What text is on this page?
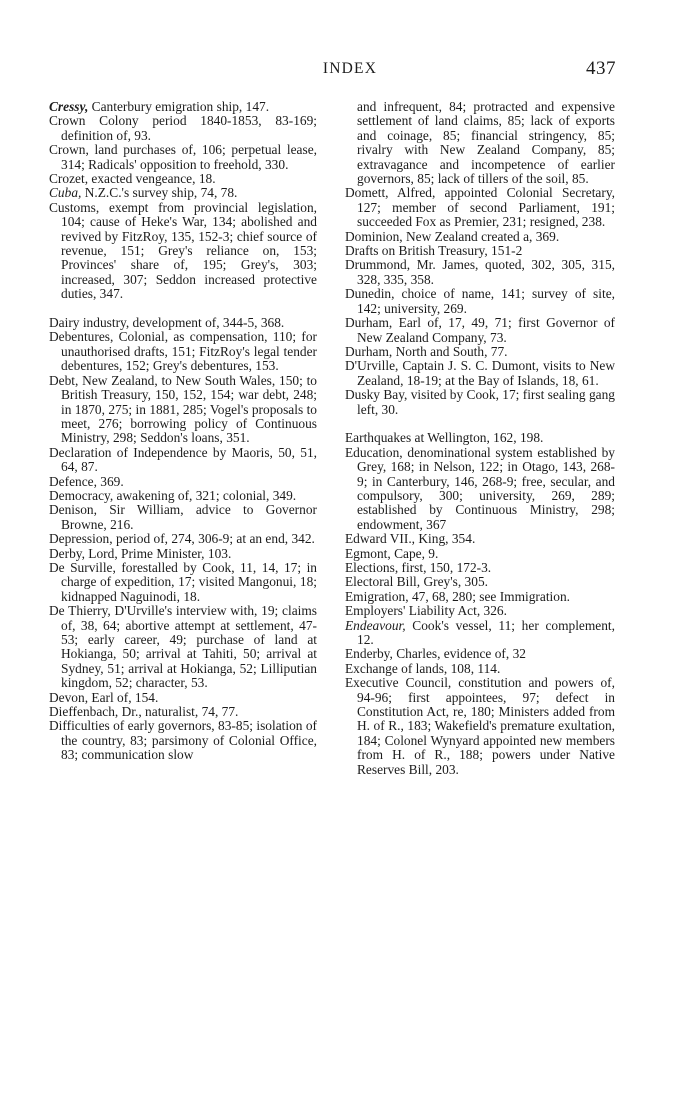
INDEX	437

Cressy, Canterbury emigration ship, 147.

Crown Colony period 1840-1853, 83-169; definition of, 93.

Crown, land purchases of, 106; perpetual lease, 314; Radicals' opposition to freehold, 330.

Crozet, exacted vengeance, 18.

Cuba, N.Z.C.'s survey ship, 74, 78.

Customs, exempt from provincial legislation, 104; cause of Heke's War, 134; abolished and revived by FitzRoy, 135, 152-3; chief source of revenue, 151; Grey's reliance on, 153; Provinces' share of, 195; Grey's, 303; increased, 307; Seddon increased protective duties, 347.

Dairy industry, development of, 344-5, 368.

Debentures, Colonial, as compensation, 110; for unauthorised drafts, 151; FitzRoy's legal tender debentures, 152; Grey's debentures, 153.

Debt, New Zealand, to New South Wales, 150; to British Treasury, 150, 152, 154; war debt, 248; in 1870, 275; in 1881, 285; Vogel's proposals to meet, 276; borrowing policy of Continuous Ministry, 298; Seddon's loans, 351.

Declaration of Independence by Maoris, 50, 51, 64, 87.

Defence, 369.

Democracy, awakening of, 321; colonial, 349.

Denison, Sir William, advice to Governor Browne, 216.

Depression, period of, 274, 306-9; at an end, 342.

Derby, Lord, Prime Minister, 103.

De Surville, forestalled by Cook, 11, 14, 17; in charge of expedition, 17; visited Mangonui, 18; kidnapped Naguinodi, 18.

De Thierry, D'Urville's interview with, 19; claims of, 38, 64; abortive attempt at settlement, 47-53; early career, 49; purchase of land at Hokianga, 50; arrival at Tahiti, 50; arrival at Sydney, 51; arrival at Hokianga, 52; Lilliputian kingdom, 52; character, 53.

Devon, Earl of, 154.

Dieffenbach, Dr., naturalist, 74, 77.

Difficulties of early governors, 83-85; isolation of the country, 83; parsimony of Colonial Office, 83; communication slow

and infrequent, 84; protracted and expensive settlement of land claims, 85; lack of exports and coinage, 85; financial stringency, 85; rivalry with New Zealand Company, 85; extravagance and incompetence of earlier governors, 85; lack of tillers of the soil, 85.

Domett, Alfred, appointed Colonial Secretary, 127; member of second Parliament, 191; succeeded Fox as Premier, 231; resigned, 238.

Dominion, New Zealand created a, 369.

Drafts on British Treasury, 151-2

Drummond, Mr. James, quoted, 302, 305, 315, 328, 335, 358.

Dunedin, choice of name, 141; survey of site, 142; university, 269.

Durham, Earl of, 17, 49, 71; first Governor of New Zealand Company, 73.

Durham, North and South, 77.

D'Urville, Captain J. S. C. Dumont, visits to New Zealand, 18-19; at the Bay of Islands, 18, 61.

Dusky Bay, visited by Cook, 17; first sealing gang left, 30.

Earthquakes at Wellington, 162, 198.

Education, denominational system established by Grey, 168; in Nelson, 122; in Otago, 143, 268-9; in Canterbury, 146, 268-9; free, secular, and compulsory, 300; university, 269, 289; established by Continuous Ministry, 298; endowment, 367

Edward VII., King, 354.

Egmont, Cape, 9.

Elections, first, 150, 172-3.

Electoral Bill, Grey's, 305.

Emigration, 47, 68, 280; see Immigration.

Employers' Liability Act, 326.

Endeavour, Cook's vessel, 11; her complement, 12.

Enderby, Charles, evidence of, 32

Exchange of lands, 108, 114.

Executive Council, constitution and powers of, 94-96; first appointees, 97; defect in Constitution Act, re, 180; Ministers added from H. of R., 183; Wakefield's premature exultation, 184; Colonel Wynyard appointed new members from H. of R., 188; powers under Native Reserves Bill, 203.
